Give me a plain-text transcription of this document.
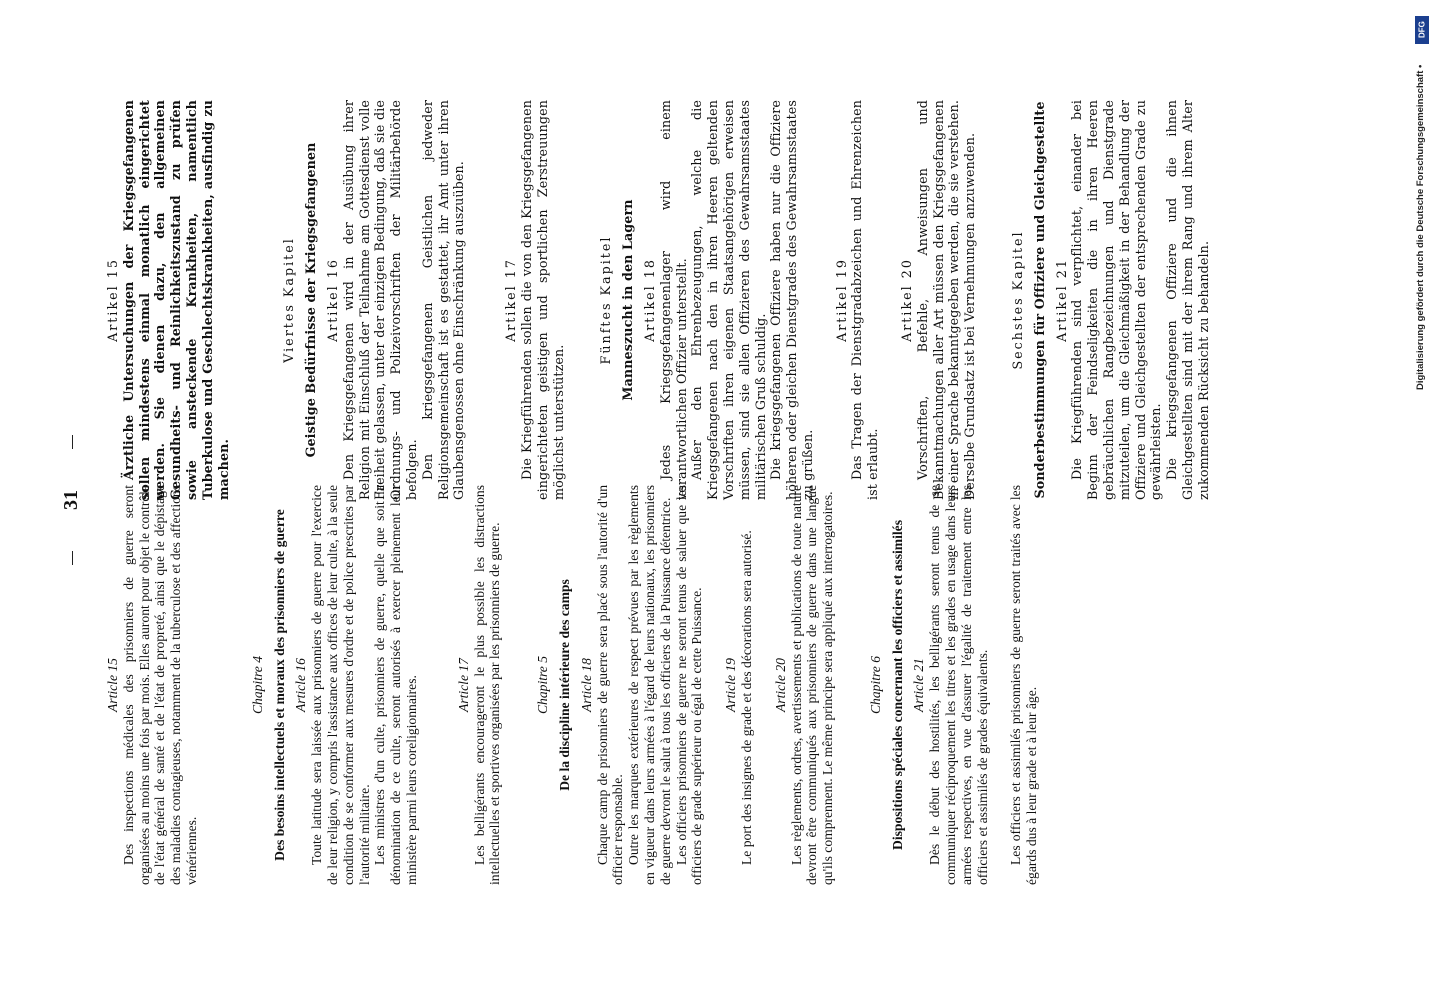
31

Article 15 Des inspections médicales des prisonniers de guerre seront organisées au moins une fois par mois. Elles auront pour objet le contrôle de l'état général de santé et de l'état de propreté, ainsi que le dépistage des maladies contagieuses, notamment de la tuberculose et des affections vénériennes.

Chapitre 4 Des besoins intellectuels et moraux des prisonniers de guerre Article 16 Toute latitude sera laissée aux prisonniers de guerre pour l'exercice de leur religion, y compris l'assistance aux offices de leur culte, à la seule condition de se conformer aux mesures d'ordre et de police prescrites par l'autorité militaire. Les ministres d'un culte, prisonniers de guerre, quelle que soit la dénomination de ce culte, seront autorisés à exercer pleinement leur ministère parmi leurs coreligionnaires.	Article 17 Les belligérants encourageront le plus possible les distractions intellectuelles et sportives organisées par les prisonniers de guerre. Chapitre 5 De la discipline intérieure des camps Article 18 Chaque camp de prisonniers de guerre sera placé sous l'autorité d'un officier responsable. Outre les marques extérieures de respect prévues par les règlements en vigueur dans leurs armées à l'égard de leurs nationaux, les prisonniers de guerre devront le salut à tous les officiers de la Puissance détentrice. Les officiers prisonniers de guerre ne seront tenus de saluer que les officiers de grade supérieur ou égal de cette Puissance. Article 19 Le port des insignes de grade et des décorations sera autorisé. Article 20 Les règlements, ordres, avertissements et publications de toute nature devront être communiqués aux prisonniers de guerre dans une langue qu'ils comprennent. Le même principe sera appliqué aux interrogatoires. Chapitre 6 Dispositions spéciales concernant les officiers et assimilés Article 21 Dès le début des hostilités, les belligérants seront tenus de se communiquer réciproquement les titres et les grades en usage dans leurs armées respectives, en vue d'assurer l'égalité de traitement entre les officiers et assimilés de grades équivalents. Les officiers et assimilés prisonniers de guerre seront traités avec les égards dus à leur grade et à leur âge.

Artikel 15 Ärztliche Untersuchungen der Kriegsgefangenen sollen mindestens einmal monatlich eingerichtet werden. Sie dienen dazu, den allgemeinen Gesundheits- und Reinlichkeitszustand zu prüfen sowie ansteckende Krankheiten, namentlich Tuberkulose und Geschlechtskrankheiten, ausfindig zu machen.

Viertes Kapitel Geistige Bedürfnisse der Kriegsgefangenen Artikel 16 Den Kriegsgefangenen wird in der Ausübung ihrer Religion mit Einschluß der Teilnahme am Gottesdienst volle Freiheit gelassen, unter der einzigen Bedingung, daß sie die Ordnungs- und Polizeivorschriften der Militärbehörde befolgen. Den kriegsgefangenen Geistlichen jedweder Religionsgemeinschaft ist es gestattet, ihr Amt unter ihren Glaubensgenossen ohne Einschränkung auszuüben.	Artikel 17 Die Kriegführenden sollen die von den Kriegsgefangenen eingerichteten geistigen und sportlichen Zerstreuungen möglichst unterstützen.

Fünftes Kapitel Manneszucht in den Lagern Artikel 18 Jedes Kriegsgefangenenlager wird einem verantwortlichen Offizier unterstellt. Außer den Ehrenbezeugungen, welche die Kriegsgefangenen nach den in ihren Heeren geltenden Vorschriften ihren eigenen Staatsangehörigen erweisen müssen, sind sie allen Offizieren des Gewahrsamsstaates militärischen Gruß schuldig. Die kriegsgefangenen Offiziere haben nur die Offiziere höheren oder gleichen Dienstgrades des Gewahrsamsstaates zu grüßen.

Artikel 19 Das Tragen der Dienstgradabzeichen und Ehrenzeichen ist erlaubt.

Artikel 20 Vorschriften, Befehle, Anweisungen und Bekanntmachungen aller Art müssen den Kriegsgefangenen in einer Sprache bekanntgegeben werden, die sie verstehen. Derselbe Grundsatz ist bei Vernehmungen anzuwenden.	Sechstes Kapitel Sonderbestimmungen für Offiziere und Gleichgestellte Artikel 21 Die Kriegführenden sind verpflichtet, einander bei Beginn der Feindseligkeiten die in ihren Heeren gebräuchlichen Rangbezeichnungen und Dienstgrade mitzuteilen, um die Gleichmäßigkeit in der Behandlung der Offiziere und Gleichgestellten der entsprechenden Grade zu gewährleisten. Die kriegsgefangenen Offiziere und die ihnen Gleichgestellten sind mit der ihrem Rang und ihrem Alter zukommenden Rücksicht zu behandeln.

DFG
Digitalisierung gefördert durch die Deutsche Forschungsgemeinschaft •
